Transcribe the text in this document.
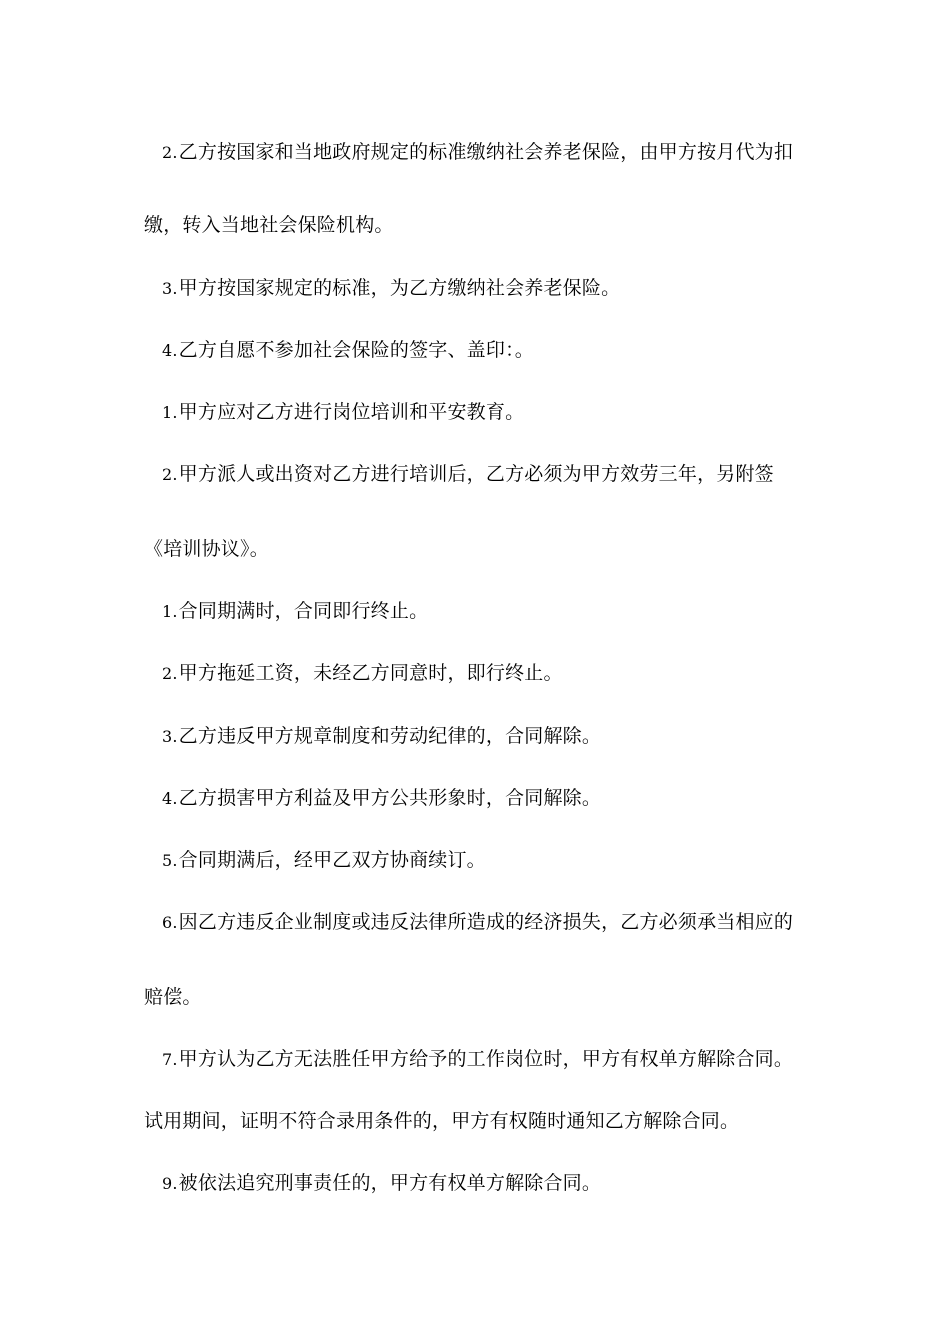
2.乙方按国家和当地政府规定的标准缴纳社会养老保险，由甲方按月代为扣
缴，转入当地社会保险机构。
3.甲方按国家规定的标准，为乙方缴纳社会养老保险。
4.乙方自愿不参加社会保险的签字、盖印：。
1.甲方应对乙方进行岗位培训和平安教育。
2.甲方派人或出资对乙方进行培训后，乙方必须为甲方效劳三年，另附签
《培训协议》。
1.合同期满时，合同即行终止。
2.甲方拖延工资，未经乙方同意时，即行终止。
3.乙方违反甲方规章制度和劳动纪律的，合同解除。
4.乙方损害甲方利益及甲方公共形象时，合同解除。
5.合同期满后，经甲乙双方协商续订。
6.因乙方违反企业制度或违反法律所造成的经济损失，乙方必须承当相应的
赔偿。
7.甲方认为乙方无法胜任甲方给予的工作岗位时，甲方有权单方解除合同。
试用期间，证明不符合录用条件的，甲方有权随时通知乙方解除合同。
9.被依法追究刑事责任的，甲方有权单方解除合同。
